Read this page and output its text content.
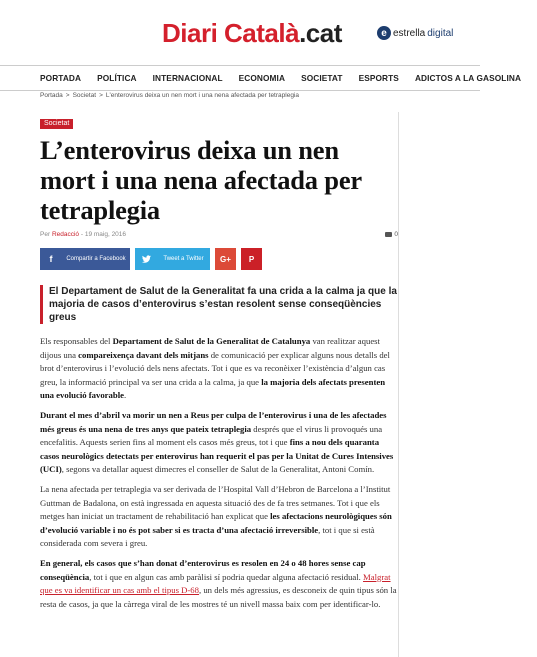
Diari Català.cat	e estrella digital
PORTADA	POLÍTICA	INTERNACIONAL	ECONOMIA	SOCIETAT	ESPORTS	ADICTOS A LA GASOLINA
Portada > Societat > L'enterovirus deixa un nen mort i una nena afectada per tetraplegia
Societat
L’enterovirus deixa un nen mort i una nena afectada per tetraplegia
Per Redacció - 19 maig, 2016	0
f	Compartir a Facebook	Tweet a Twitter	G+ P
El Departament de Salut de la Generalitat fa una crida a la calma ja que la majoria de casos d’enterovirus s’estan resolent sense conseqüències greus

Els responsables del Departament de Salut de la Generalitat de Catalunya van realitzar aquest dijous una compareixença davant dels mitjans de comunicació per explicar alguns nous detalls del brot d’enterovirus i l’evolució dels nens afectats. Tot i que es va reconèixer l’existència d’algun cas greu, la informació principal va ser una crida a la calma, ja que la majoria dels afectats presenten una evolució favorable.

Durant el mes d’abril va morir un nen a Reus per culpa de l’enterovirus i una de les afectades més greus és una nena de tres anys que pateix tetraplegia després que el virus li provoqués una encefalitis. Aquests serien fins al moment els casos més greus, tot i que fins a nou dels quaranta casos neurològics detectats per enterovirus han requerit el pas per la Unitat de Cures Intensives (UCI), segons va detallar aquest dimecres el conseller de Salut de la Generalitat, Antoni Comín.

La nena afectada per tetraplegia va ser derivada de l’Hospital Vall d’Hebron de Barcelona a l’Institut Guttman de Badalona, on està ingressada en aquesta situació des de fa tres setmanes. Tot i que els metges han iniciat un tractament de rehabilitació han explicat que les afectacions neurològiques són d’evolució variable i no és pot saber si es tracta d’una afectació irreversible, tot i que si està considerada com severa i greu.

En general, els casos que s’han donat d’enterovirus es resolen en 24 o 48 hores sense cap conseqüència, tot i que en algun cas amb paràlisi sí podria quedar alguna afectació residual. Malgrat que es va identificar un cas amb el tipus D-68, un dels més agressius, es desconeix de quin tipus són la resta de casos, ja que la càrrega viral de les mostres té un nivell massa baix com per identificar-lo.
